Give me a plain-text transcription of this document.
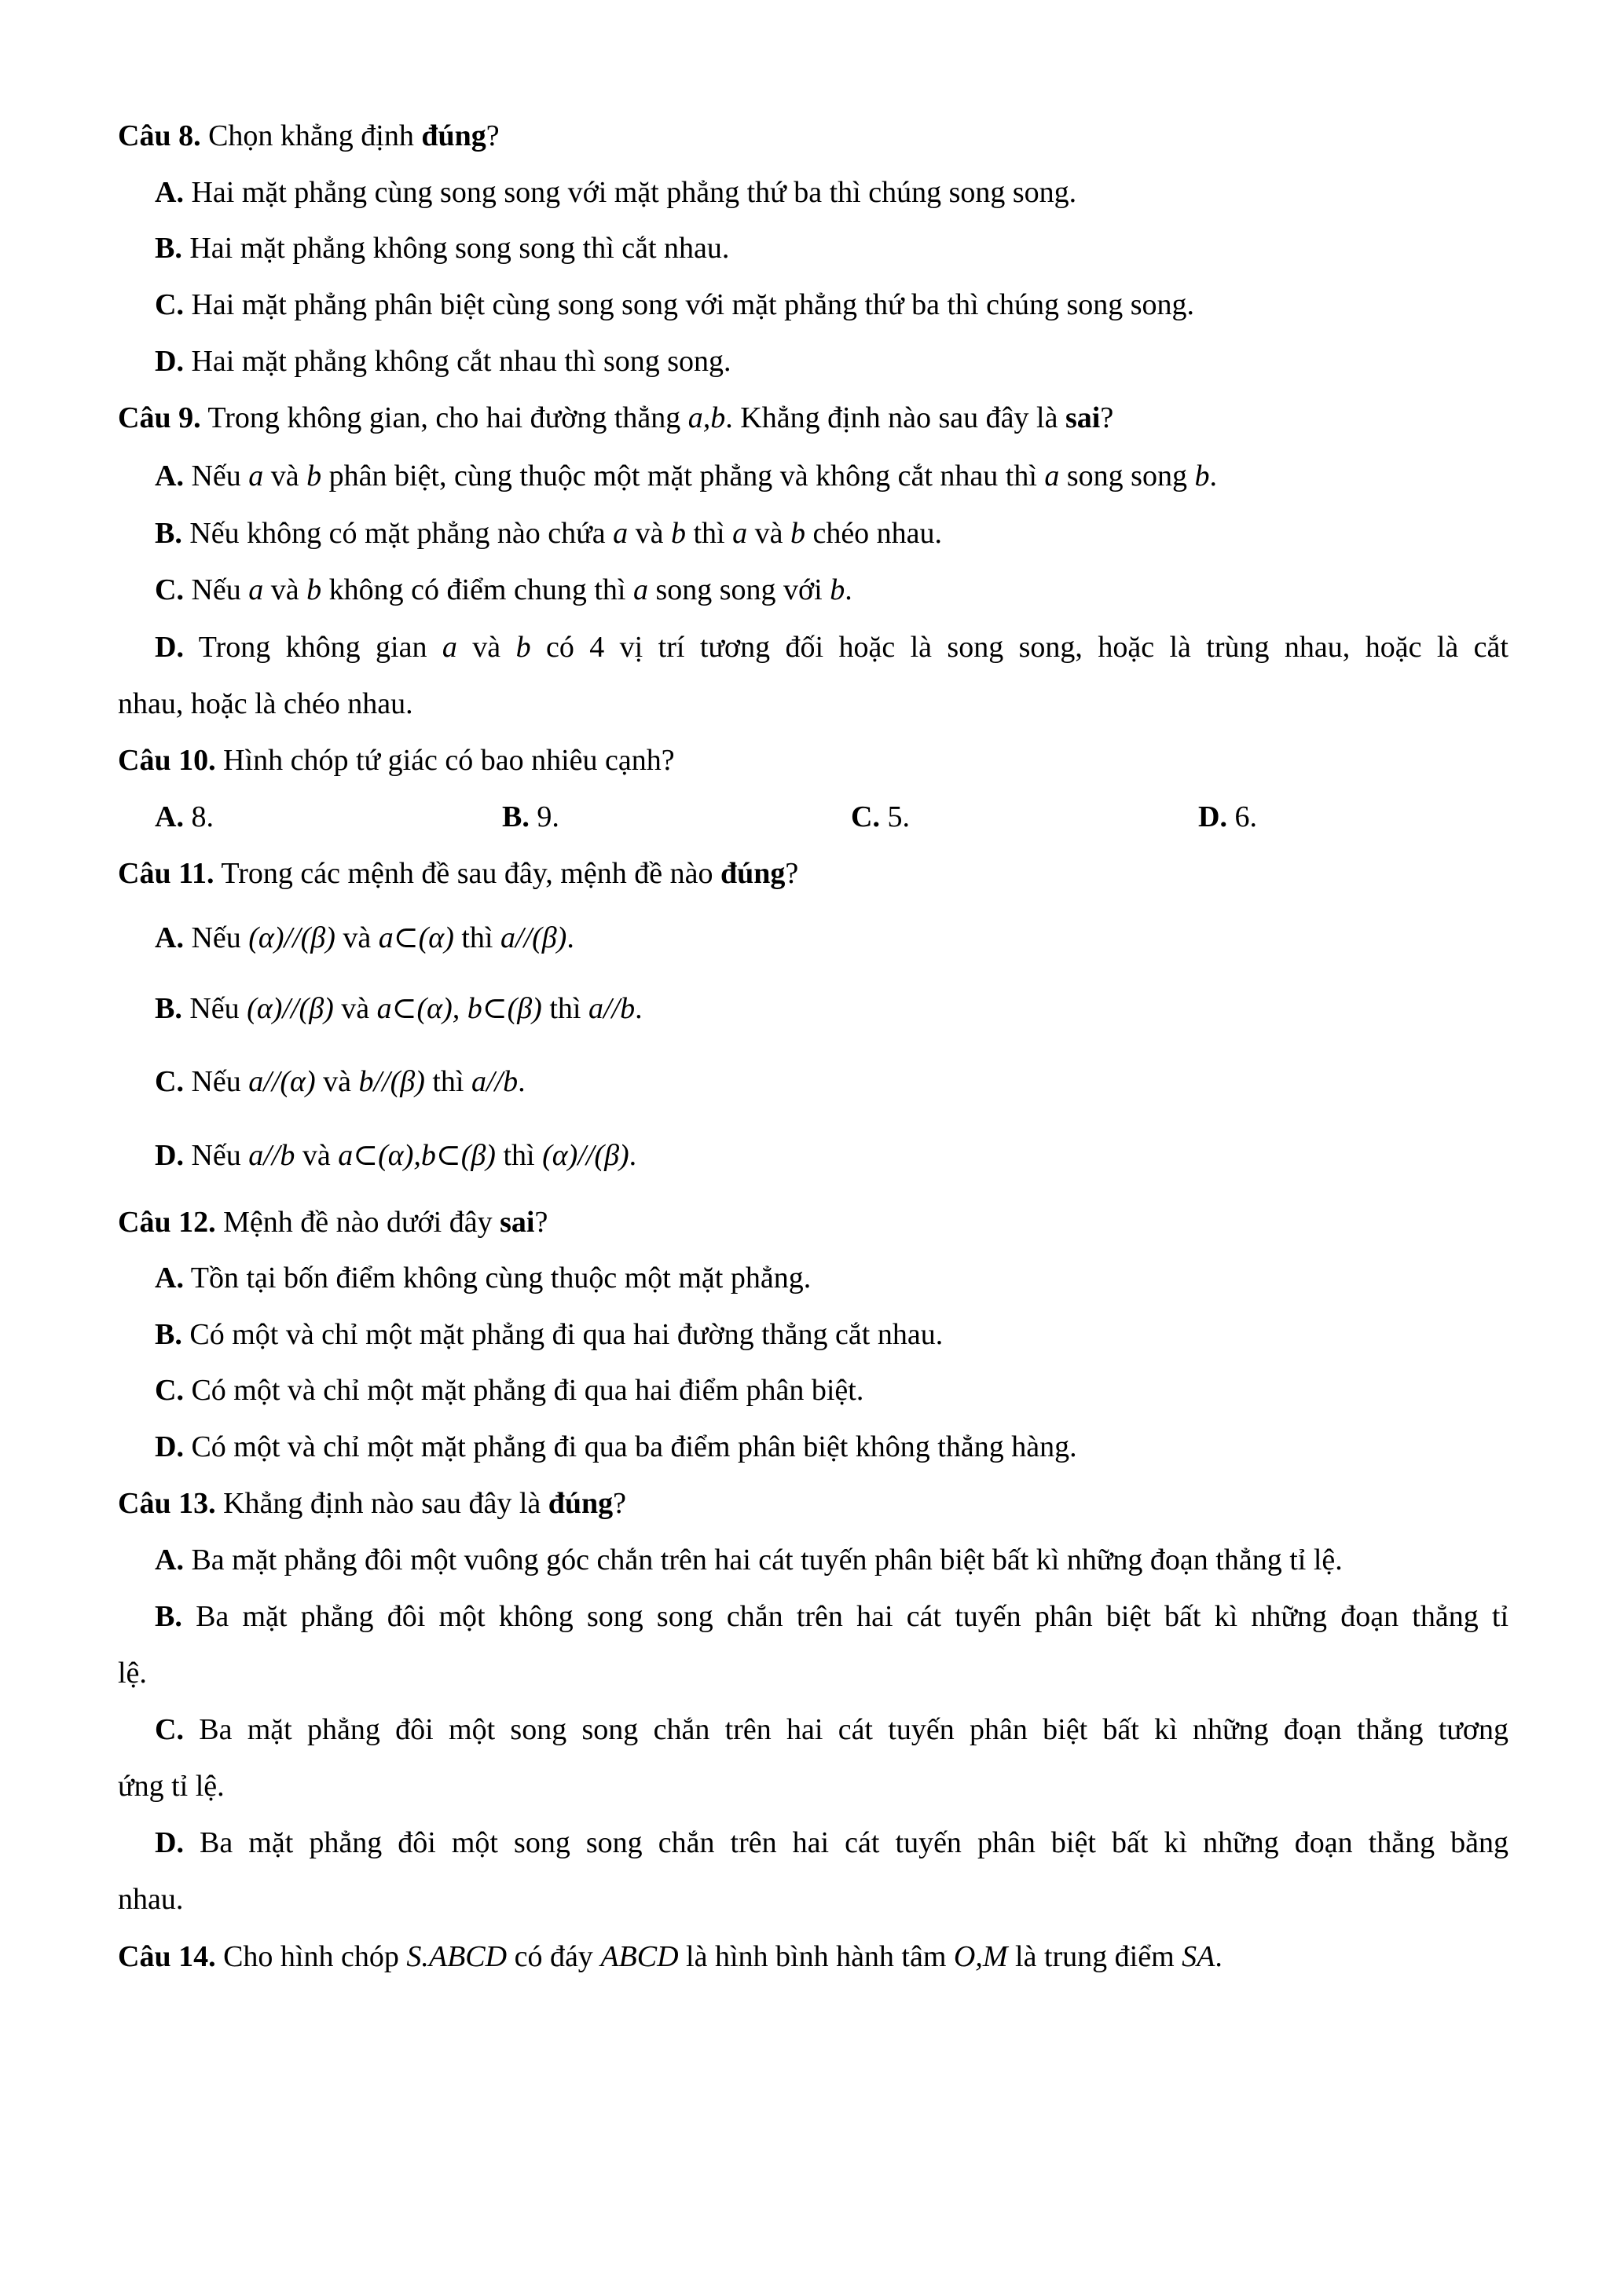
Câu 8. Chọn khẳng định đúng?
A. Hai mặt phẳng cùng song song với mặt phẳng thứ ba thì chúng song song.
B. Hai mặt phẳng không song song thì cắt nhau.
C. Hai mặt phẳng phân biệt cùng song song với mặt phẳng thứ ba thì chúng song song.
D. Hai mặt phẳng không cắt nhau thì song song.
Câu 9. Trong không gian, cho hai đường thẳng a,b. Khẳng định nào sau đây là sai?
A. Nếu a và b phân biệt, cùng thuộc một mặt phẳng và không cắt nhau thì a song song b.
B. Nếu không có mặt phẳng nào chứa a và b thì a và b chéo nhau.
C. Nếu a và b không có điểm chung thì a song song với b.
D. Trong không gian a và b có 4 vị trí tương đối hoặc là song song, hoặc là trùng nhau, hoặc là cắt
nhau, hoặc là chéo nhau.
Câu 10. Hình chóp tứ giác có bao nhiêu cạnh?
A. 8.	B. 9.	C. 5.	D. 6.
Câu 11. Trong các mệnh đề sau đây, mệnh đề nào đúng?
A. Nếu (α)//(β) và a⊂(α) thì a//(β).
B. Nếu (α)//(β) và a⊂(α), b⊂(β) thì a//b.
C. Nếu a//(α) và b//(β) thì a//b.
D. Nếu a//b và a⊂(α),b⊂(β) thì (α)//(β).
Câu 12. Mệnh đề nào dưới đây sai?
A. Tồn tại bốn điểm không cùng thuộc một mặt phẳng.
B. Có một và chỉ một mặt phẳng đi qua hai đường thẳng cắt nhau.
C. Có một và chỉ một mặt phẳng đi qua hai điểm phân biệt.
D. Có một và chỉ một mặt phẳng đi qua ba điểm phân biệt không thẳng hàng.
Câu 13. Khẳng định nào sau đây là đúng?
A. Ba mặt phẳng đôi một vuông góc chắn trên hai cát tuyến phân biệt bất kì những đoạn thẳng tỉ lệ.
B. Ba mặt phẳng đôi một không song song chắn trên hai cát tuyến phân biệt bất kì những đoạn thẳng tỉ
lệ.
C. Ba mặt phẳng đôi một song song chắn trên hai cát tuyến phân biệt bất kì những đoạn thẳng tương
ứng tỉ lệ.
D. Ba mặt phẳng đôi một song song chắn trên hai cát tuyến phân biệt bất kì những đoạn thẳng bằng
nhau.
Câu 14. Cho hình chóp S.ABCD có đáy ABCD là hình bình hành tâm O,M là trung điểm SA.
